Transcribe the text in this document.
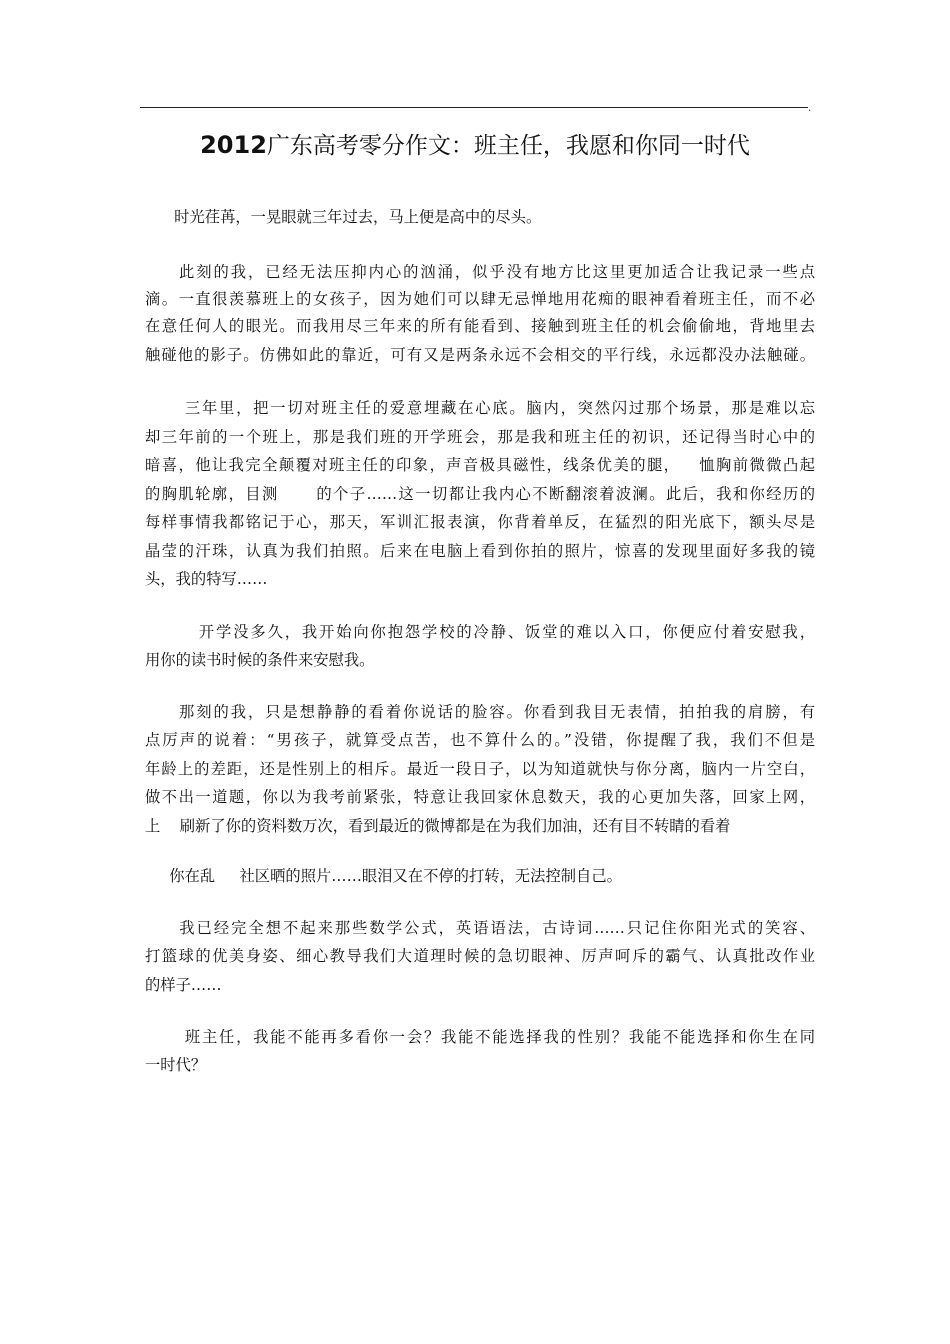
.
2012广东高考零分作文：班主任，我愿和你同一时代
时光荏苒，一晃眼就三年过去，马上便是高中的尽头。
此刻的我，已经无法压抑内心的汹涌，似乎没有地方比这里更加适合让我记录一些点
滴。一直很羡慕班上的女孩子，因为她们可以肆无忌惮地用花痴的眼神看着班主任，而不必
在意任何人的眼光。而我用尽三年来的所有能看到、接触到班主任的机会偷偷地，背地里去
触碰他的影子。仿佛如此的靠近，可有又是两条永远不会相交的平行线，永远都没办法触碰。
三年里，把一切对班主任的爱意埋藏在心底。脑内，突然闪过那个场景，那是难以忘
却三年前的一个班上，那是我们班的开学班会，那是我和班主任的初识，还记得当时心中的
暗喜，他让我完全颠覆对班主任的印象，声音极具磁性，线条优美的腿，   恤胸前微微凸起
的胸肌轮廓，目测      的个子……这一切都让我内心不断翻滚着波澜。此后，我和你经历的
每样事情我都铭记于心，那天，军训汇报表演，你背着单反，在猛烈的阳光底下，额头尽是
晶莹的汗珠，认真为我们拍照。后来在电脑上看到你拍的照片，惊喜的发现里面好多我的镜
头，我的特写……
开学没多久，我开始向你抱怨学校的冷静、饭堂的难以入口，你便应付着安慰我，
用你的读书时候的条件来安慰我。
那刻的我，只是想静静的看着你说话的脸容。你看到我目无表情，拍拍我的肩膀，有
点厉声的说着：“男孩子，就算受点苦，也不算什么的。”没错，你提醒了我，我们不但是
年龄上的差距，还是性别上的相斥。最近一段日子，以为知道就快与你分离，脑内一片空白，
做不出一道题，你以为我考前紧张，特意让我回家休息数天，我的心更加失落，回家上网，
上    刷新了你的资料数万次，看到最近的微博都是在为我们加油，还有目不转睛的看着
你在乱     社区晒的照片……眼泪又在不停的打转，无法控制自己。
我已经完全想不起来那些数学公式，英语语法，古诗词……只记住你阳光式的笑容、
打篮球的优美身姿、细心教导我们大道理时候的急切眼神、厉声呵斥的霸气、认真批改作业
的样子……
班主任，我能不能再多看你一会？我能不能选择我的性别？我能不能选择和你生在同
一时代？
